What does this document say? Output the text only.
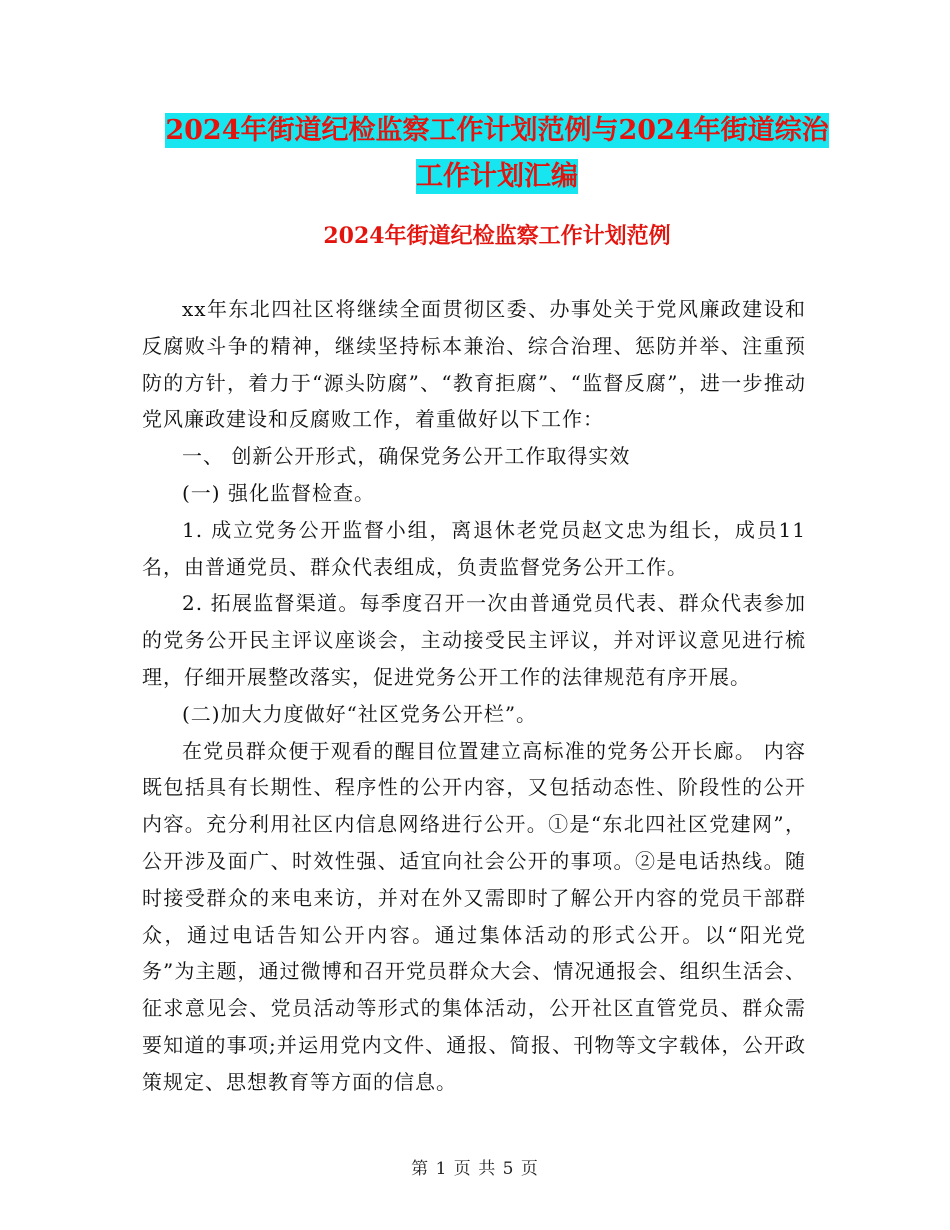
2024年街道纪检监察工作计划范例与2024年街道综治
工作计划汇编
2024年街道纪检监察工作计划范例

xx年东北四社区将继续全面贯彻区委、办事处关于党风廉政建设和反腐败斗争的精神，继续坚持标本兼治、综合治理、惩防并举、注重预防的方针，着力于“源头防腐”、“教育拒腐”、“监督反腐”，进一步推动党风廉政建设和反腐败工作，着重做好以下工作：

一、 创新公开形式，确保党务公开工作取得实效

(一) 强化监督检查。

1. 成立党务公开监督小组，离退休老党员赵文忠为组长，成员11名，由普通党员、群众代表组成，负责监督党务公开工作。

2. 拓展监督渠道。每季度召开一次由普通党员代表、群众代表参加的党务公开民主评议座谈会，主动接受民主评议，并对评议意见进行梳理，仔细开展整改落实，促进党务公开工作的法律规范有序开展。

(二)加大力度做好“社区党务公开栏”。

在党员群众便于观看的醒目位置建立高标准的党务公开长廊。 内容既包括具有长期性、程序性的公开内容，又包括动态性、阶段性的公开内容。充分利用社区内信息网络进行公开。①是“东北四社区党建网”，公开涉及面广、时效性强、适宜向社会公开的事项。②是电话热线。随时接受群众的来电来访，并对在外又需即时了解公开内容的党员干部群众，通过电话告知公开内容。通过集体活动的形式公开。以“阳光党务”为主题，通过微博和召开党员群众大会、情况通报会、组织生活会、征求意见会、党员活动等形式的集体活动，公开社区直管党员、群众需要知道的事项;并运用党内文件、通报、简报、刊物等文字载体，公开政策规定、思想教育等方面的信息。

第 1 页 共 5 页
